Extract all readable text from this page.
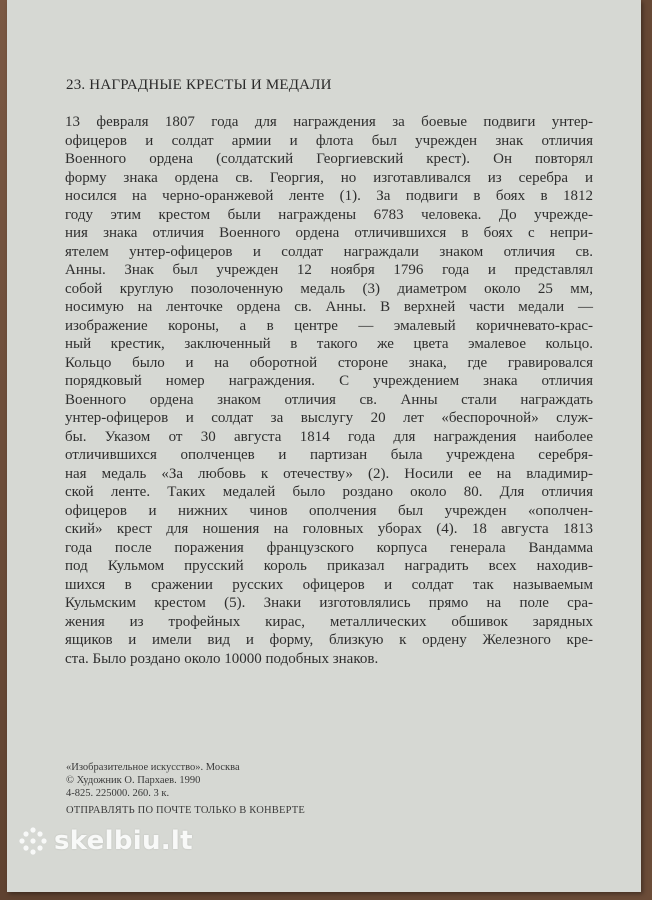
23. НАГРАДНЫЕ КРЕСТЫ И МЕДАЛИ
13 февраля 1807 года для награждения за боевые подвиги унтер-
офицеров и солдат армии и флота был учрежден знак отличия
Военного ордена (солдатский Георгиевский крест). Он повторял
форму знака ордена св. Георгия, но изготавливался из серебра и
носился на черно-оранжевой ленте (1). За подвиги в боях в 1812
году этим крестом были награждены 6783 человека. До учрежде-
ния знака отличия Военного ордена отличившихся в боях с непри-
ятелем унтер-офицеров и солдат награждали знаком отличия св.
Анны. Знак был учрежден 12 ноября 1796 года и представлял
собой круглую позолоченную медаль (3) диаметром около 25 мм,
носимую на ленточке ордена св. Анны. В верхней части медали —
изображение короны, а в центре — эмалевый коричневато-крас-
ный крестик, заключенный в такого же цвета эмалевое кольцо.
Кольцо было и на оборотной стороне знака, где гравировался
порядковый номер награждения. С учреждением знака отличия
Военного ордена знаком отличия св. Анны стали награждать
унтер-офицеров и солдат за выслугу 20 лет «беспорочной» служ-
бы. Указом от 30 августа 1814 года для награждения наиболее
отличившихся ополченцев и партизан была учреждена серебря-
ная медаль «За любовь к отечеству» (2). Носили ее на владимир-
ской ленте. Таких медалей было роздано около 80. Для отличия
офицеров и нижних чинов ополчения был учрежден «ополчен-
ский» крест для ношения на головных уборах (4). 18 августа 1813
года после поражения французского корпуса генерала Вандамма
под Кульмом прусский король приказал наградить всех находив-
шихся в сражении русских офицеров и солдат так называемым
Кульмским крестом (5). Знаки изготовлялись прямо на поле сра-
жения из трофейных кирас, металлических обшивок зарядных
ящиков и имели вид и форму, близкую к ордену Железного кре-
ста. Было роздано около 10000 подобных знаков.
«Изобразительное искусство». Москва
© Художник О. Пархаев. 1990
4-825. 225000. 260. 3 к.
ОТПРАВЛЯТЬ ПО ПОЧТЕ ТОЛЬКО В КОНВЕРТЕ
skelbiu.lt
